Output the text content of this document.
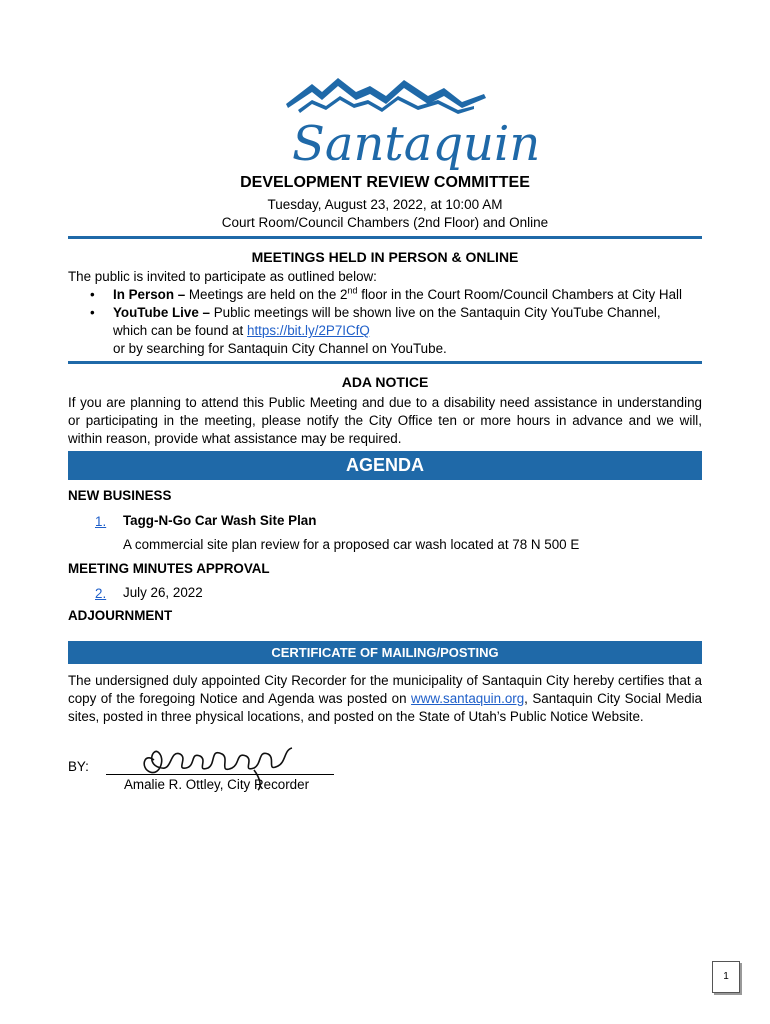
Santaquin
DEVELOPMENT REVIEW COMMITTEE
Tuesday, August 23, 2022, at 10:00 AM
Court Room/Council Chambers (2nd Floor) and Online
MEETINGS HELD IN PERSON & ONLINE
The public is invited to participate as outlined below:
• In Person – Meetings are held on the 2nd floor in the Court Room/Council Chambers at City Hall
• YouTube Live – Public meetings will be shown live on the Santaquin City YouTube Channel,
which can be found at https://bit.ly/2P7ICfQ
or by searching for Santaquin City Channel on YouTube.
ADA NOTICE
If you are planning to attend this Public Meeting and due to a disability need assistance in understanding or participating in the meeting, please notify the City Office ten or more hours in advance and we will, within reason, provide what assistance may be required.
AGENDA
NEW BUSINESS
1. Tagg-N-Go Car Wash Site Plan
A commercial site plan review for a proposed car wash located at 78 N 500 E
MEETING MINUTES APPROVAL
2. July 26, 2022
ADJOURNMENT
CERTIFICATE OF MAILING/POSTING
The undersigned duly appointed City Recorder for the municipality of Santaquin City hereby certifies that a copy of the foregoing Notice and Agenda was posted on www.santaquin.org, Santaquin City Social Media sites, posted in three physical locations, and posted on the State of Utah’s Public Notice Website.
BY:
Amalie R. Ottley, City Recorder
1
